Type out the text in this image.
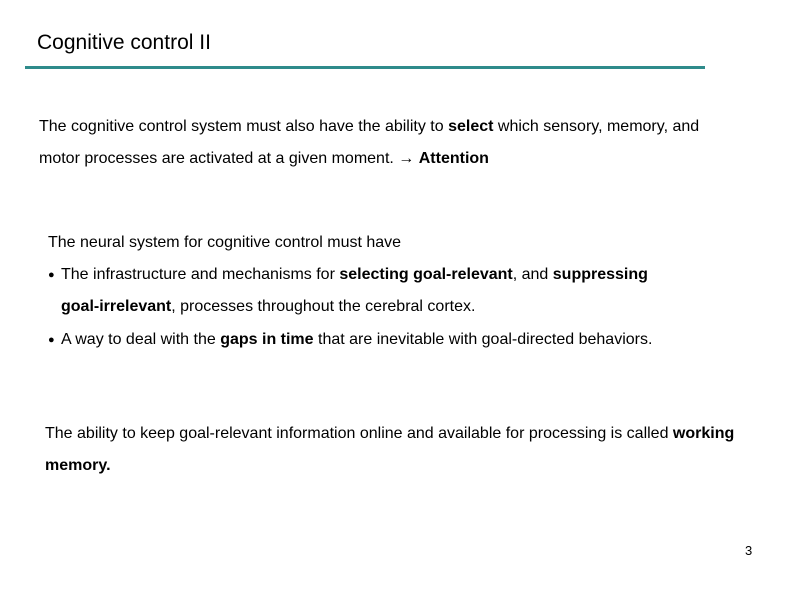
Cognitive control II
The cognitive control system must also have the ability to select which sensory, memory, and motor processes are activated at a given moment. → Attention
The neural system for cognitive control must have
● The infrastructure and mechanisms for selecting goal-relevant, and suppressing goal-irrelevant, processes throughout the cerebral cortex.
● A way to deal with the gaps in time that are inevitable with goal-directed behaviors.
The ability to keep goal-relevant information online and available for processing is called working memory.
3
